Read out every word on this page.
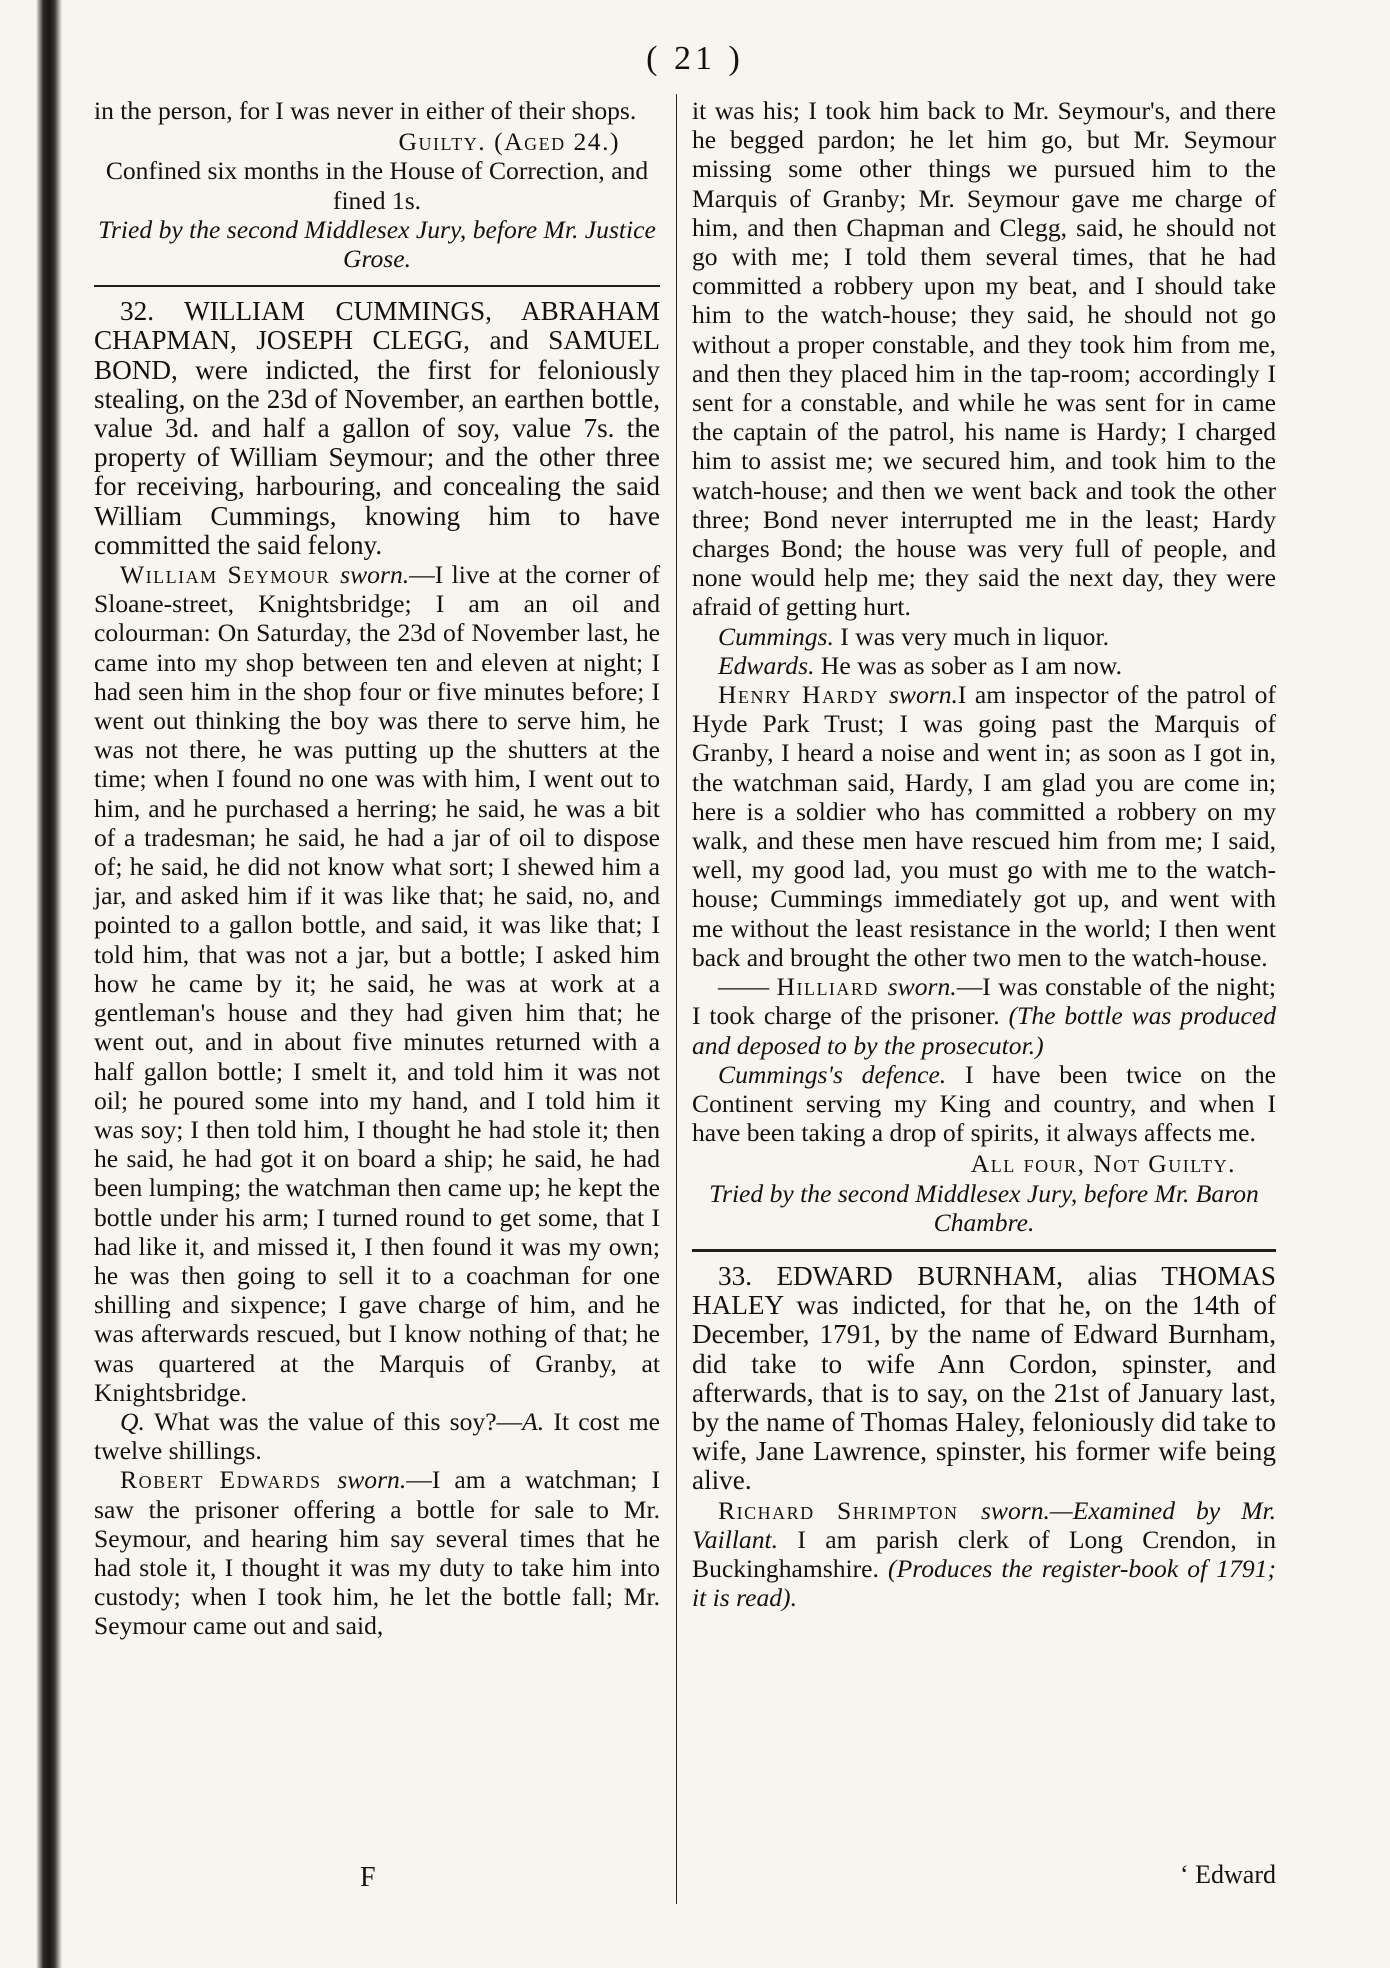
( 21 )

in the person, for I was never in either of their shops.

Guilty. (Aged 24.)

Confined six months in the House of Correction, and fined 1s.

Tried by the second Middlesex Jury, before Mr. Justice Grose.

32. WILLIAM CUMMINGS, ABRAHAM CHAPMAN, JOSEPH CLEGG, and SAMUEL BOND, were indicted, the first for feloniously stealing, on the 23d of November, an earthen bottle, value 3d. and half a gallon of soy, value 7s. the property of William Seymour; and the other three for receiving, harbouring, and concealing the said William Cummings, knowing him to have committed the said felony.

William Seymour sworn.—I live at the corner of Sloane-street, Knightsbridge; I am an oil and colourman: On Saturday, the 23d of November last, he came into my shop between ten and eleven at night; I had seen him in the shop four or five minutes before; I went out thinking the boy was there to serve him, he was not there, he was putting up the shutters at the time; when I found no one was with him, I went out to him, and he purchased a herring; he said, he was a bit of a tradesman; he said, he had a jar of oil to dispose of; he said, he did not know what sort; I shewed him a jar, and asked him if it was like that; he said, no, and pointed to a gallon bottle, and said, it was like that; I told him, that was not a jar, but a bottle; I asked him how he came by it; he said, he was at work at a gentleman's house and they had given him that; he went out, and in about five minutes returned with a half gallon bottle; I smelt it, and told him it was not oil; he poured some into my hand, and I told him it was soy; I then told him, I thought he had stole it; then he said, he had got it on board a ship; he said, he had been lumping; the watchman then came up; he kept the bottle under his arm; I turned round to get some, that I had like it, and missed it, I then found it was my own; he was then going to sell it to a coachman for one shilling and sixpence; I gave charge of him, and he was afterwards rescued, but I know nothing of that; he was quartered at the Marquis of Granby, at Knightsbridge.

Q. What was the value of this soy?—A. It cost me twelve shillings.

Robert Edwards sworn.—I am a watchman; I saw the prisoner offering a bottle for sale to Mr. Seymour, and hearing him say several times that he had stole it, I thought it was my duty to take him into custody; when I took him, he let the bottle fall; Mr. Seymour came out and said,

it was his; I took him back to Mr. Seymour's, and there he begged pardon; he let him go, but Mr. Seymour missing some other things we pursued him to the Marquis of Granby; Mr. Seymour gave me charge of him, and then Chapman and Clegg, said, he should not go with me; I told them several times, that he had committed a robbery upon my beat, and I should take him to the watch-house; they said, he should not go without a proper constable, and they took him from me, and then they placed him in the tap-room; accordingly I sent for a constable, and while he was sent for in came the captain of the patrol, his name is Hardy; I charged him to assist me; we secured him, and took him to the watch-house; and then we went back and took the other three; Bond never interrupted me in the least; Hardy charges Bond; the house was very full of people, and none would help me; they said the next day, they were afraid of getting hurt.

Cummings. I was very much in liquor.

Edwards. He was as sober as I am now.

Henry Hardy sworn.I am inspector of the patrol of Hyde Park Trust; I was going past the Marquis of Granby, I heard a noise and went in; as soon as I got in, the watchman said, Hardy, I am glad you are come in; here is a soldier who has committed a robbery on my walk, and these men have rescued him from me; I said, well, my good lad, you must go with me to the watch-house; Cummings immediately got up, and went with me without the least resistance in the world; I then went back and brought the other two men to the watch-house.

—— Hilliard sworn.—I was constable of the night; I took charge of the prisoner. (The bottle was produced and deposed to by the prosecutor.)

Cummings's defence. I have been twice on the Continent serving my King and country, and when I have been taking a drop of spirits, it always affects me.

All four, Not Guilty.

Tried by the second Middlesex Jury, before Mr. Baron Chambre.

33. EDWARD BURNHAM, alias THOMAS HALEY was indicted, for that he, on the 14th of December, 1791, by the name of Edward Burnham, did take to wife Ann Cordon, spinster, and afterwards, that is to say, on the 21st of January last, by the name of Thomas Haley, feloniously did take to wife, Jane Lawrence, spinster, his former wife being alive.

Richard Shrimpton sworn.—Examined by Mr. Vaillant. I am parish clerk of Long Crendon, in Buckinghamshire. (Produces the register-book of 1791; it is read).

F	‘ Edward
